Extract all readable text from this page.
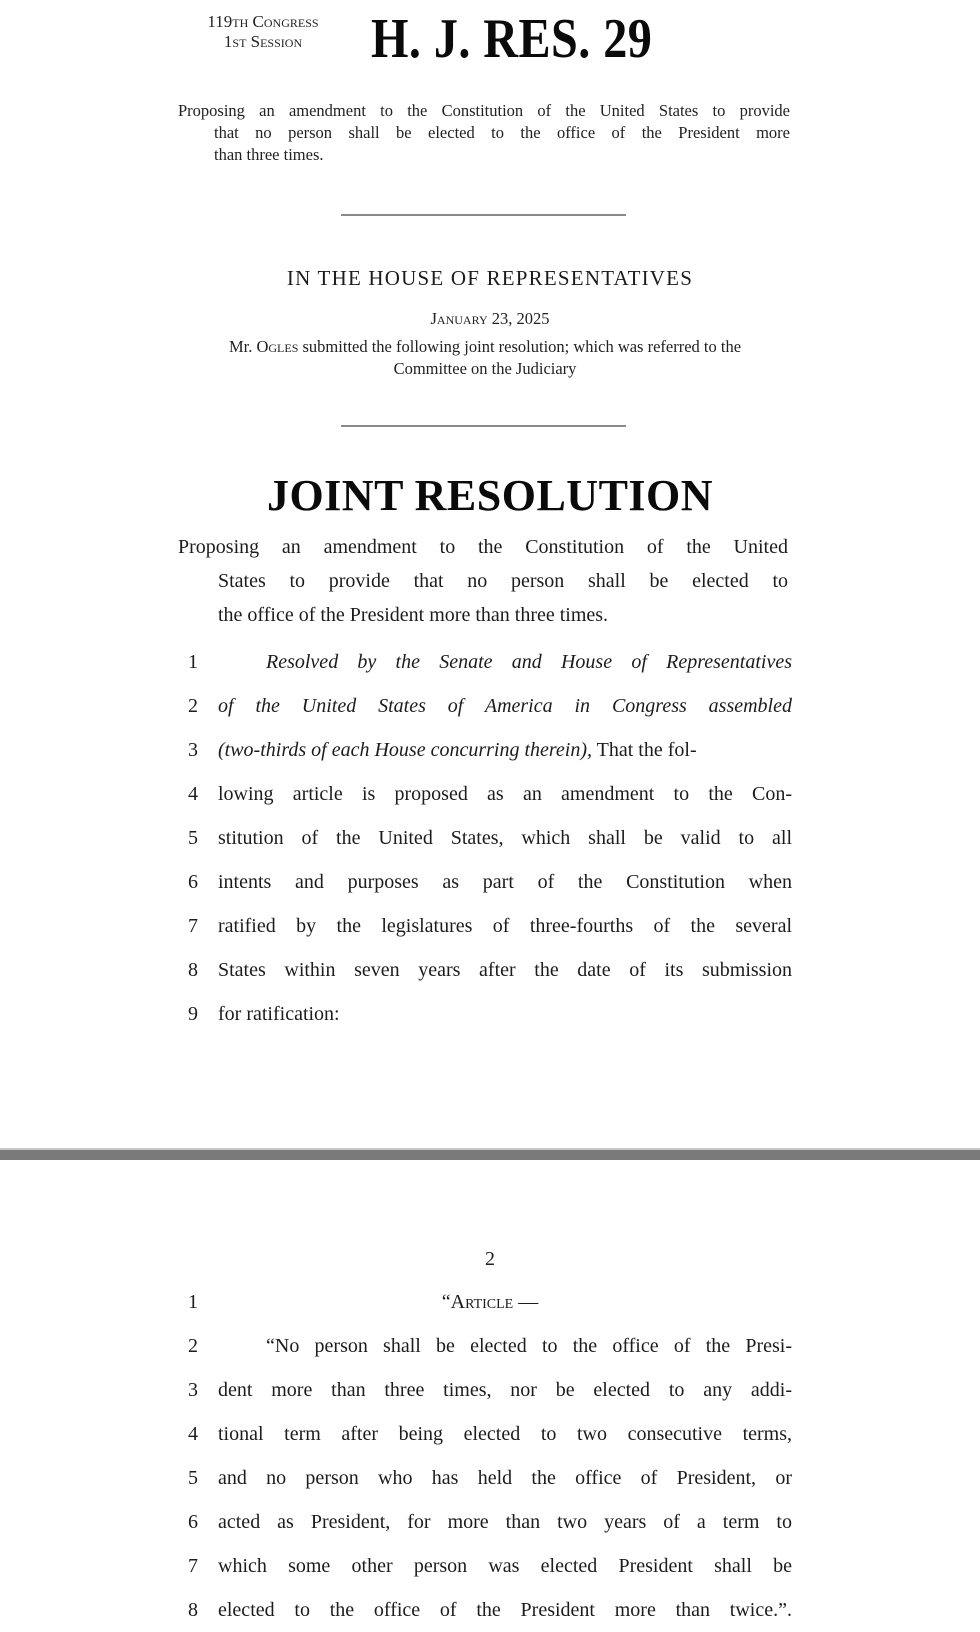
119th Congress
1st Session	H. J. RES. 29
Proposing an amendment to the Constitution of the United States to provide
that no person shall be elected to the office of the President more
than three times.
IN THE HOUSE OF REPRESENTATIVES
January 23, 2025
Mr. Ogles submitted the following joint resolution; which was referred to the
Committee on the Judiciary
JOINT RESOLUTION
Proposing an amendment to the Constitution of the United
States to provide that no person shall be elected to
the office of the President more than three times.
1	Resolved by the Senate and House of Representatives
2	of the United States of America in Congress assembled
3	(two-thirds of each House concurring therein), That the fol-
4	lowing article is proposed as an amendment to the Con-
5	stitution of the United States, which shall be valid to all
6	intents and purposes as part of the Constitution when
7	ratified by the legislatures of three-fourths of the several
8	States within seven years after the date of its submission
9	for ratification:
2
1	“Article —
2	“No person shall be elected to the office of the Presi-
3	dent more than three times, nor be elected to any addi-
4	tional term after being elected to two consecutive terms,
5	and no person who has held the office of President, or
6	acted as President, for more than two years of a term to
7	which some other person was elected President shall be
8	elected to the office of the President more than twice.”.
